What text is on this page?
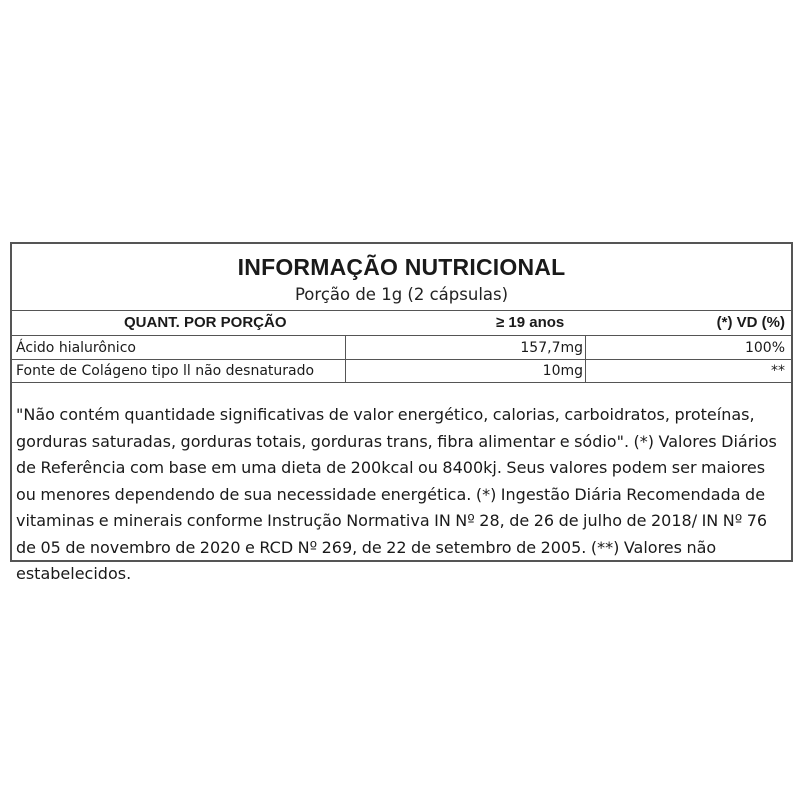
INFORMAÇÃO NUTRICIONAL
Porção de 1g (2 cápsulas)
QUANT. POR PORÇÃO	≥ 19 anos	(*) VD (%)
Ácido hialurônico	157,7mg	100%
Fonte de Colágeno tipo ll não desnaturado	10mg	**
"Não contém quantidade significativas de valor energético, calorias, carboidratos, proteínas, gorduras saturadas, gorduras totais, gorduras trans, fibra alimentar e sódio". (*) Valores Diários de Referência com base em uma dieta de 200kcal ou 8400kj. Seus valores podem ser maiores ou menores dependendo de sua necessidade energética. (*) Ingestão Diária Recomendada de vitaminas e minerais conforme Instrução Normativa IN Nº 28, de 26 de julho de 2018/ IN Nº 76 de 05 de novembro de 2020 e RCD Nº 269, de 22 de setembro de 2005. (**) Valores não estabelecidos.
